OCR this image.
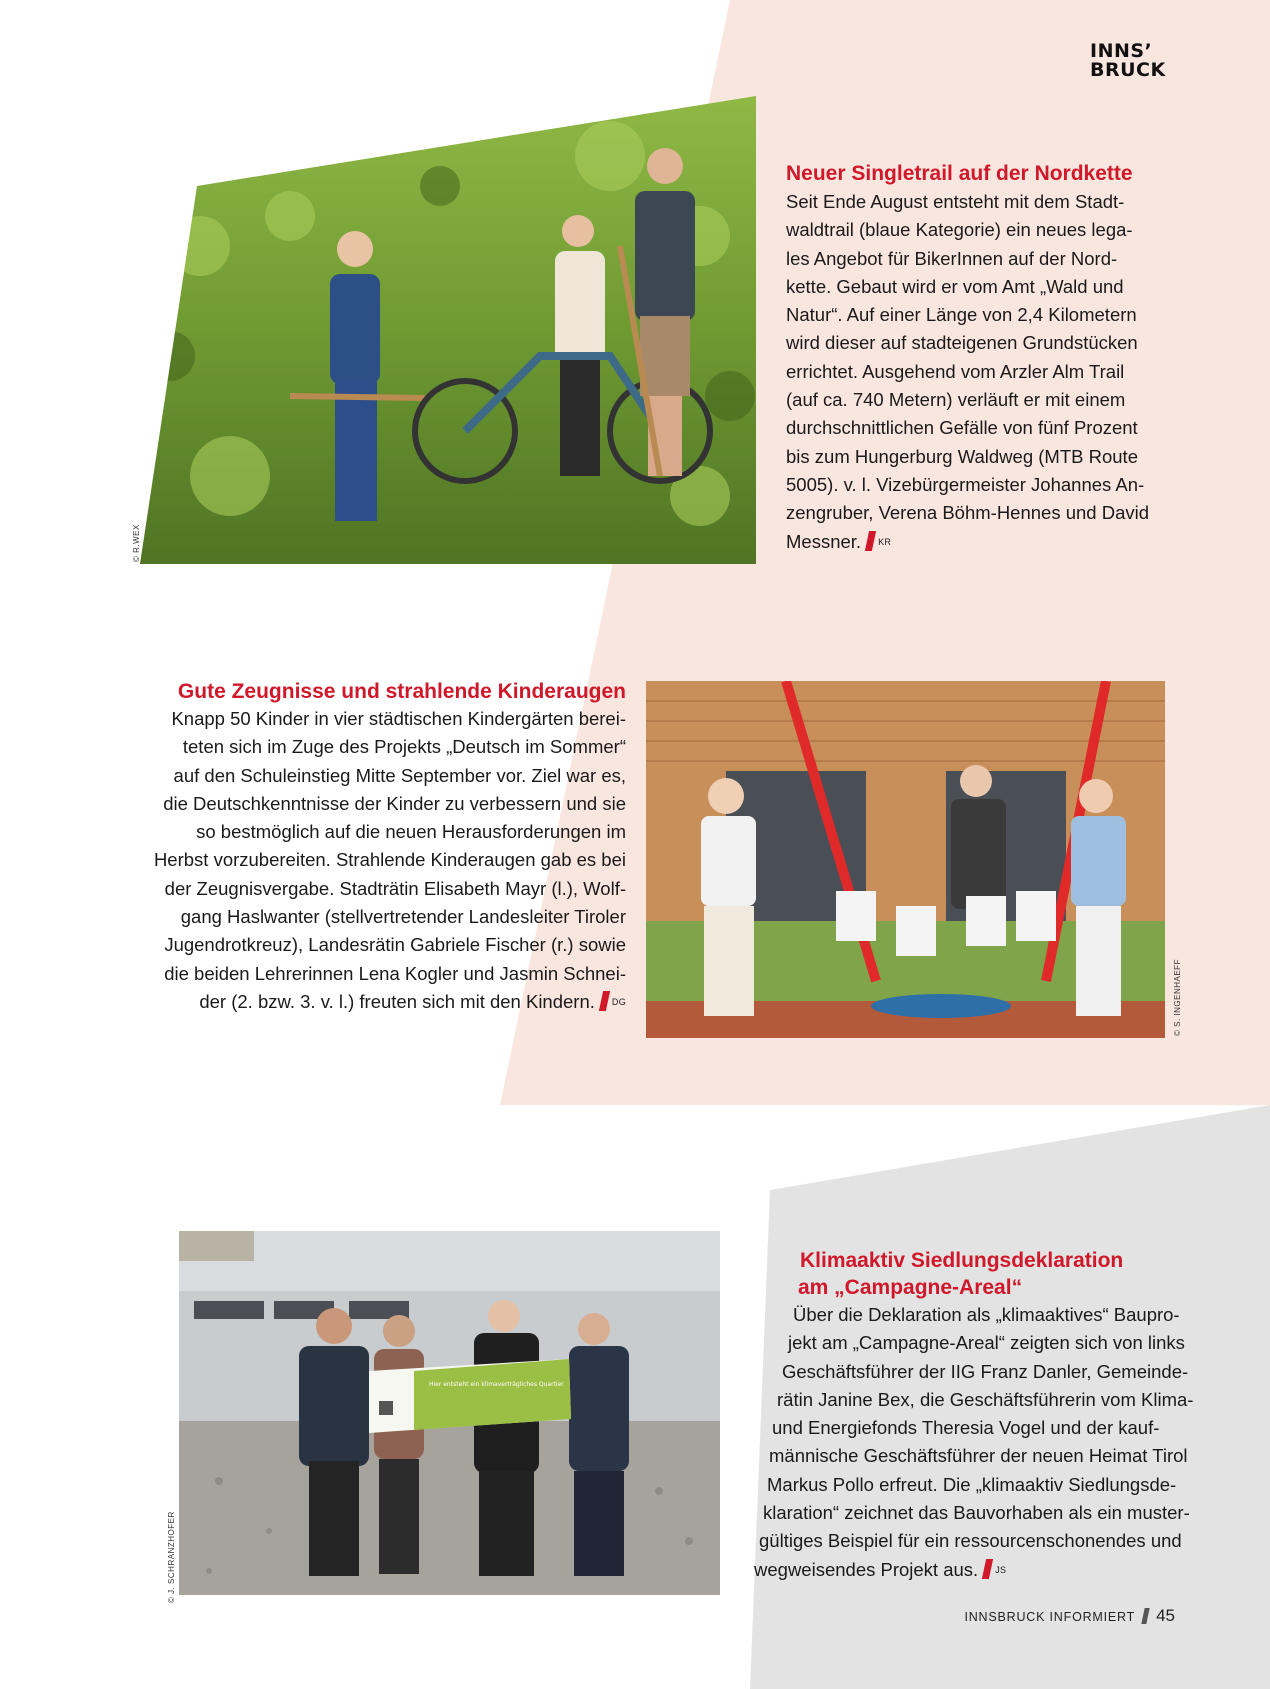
INNS’
BRUCK
© R.WEX
Neuer Singletrail auf der Nordkette

Seit Ende August entsteht mit dem Stadt-
waldtrail (blaue Kategorie) ein neues lega-
les Angebot für BikerInnen auf der Nord-
kette. Gebaut wird er vom Amt „Wald und
Natur“. Auf einer Länge von 2,4 Kilometern
wird dieser auf stadteigenen Grundstücken
errichtet. Ausgehend vom Arzler Alm Trail
(auf ca. 740 Metern) verläuft er mit einem
durchschnittlichen Gefälle von fünf Prozent
bis zum Hungerburg Waldweg (MTB Route
5005). v. l. Vizebürgermeister Johannes An-
zengruber, Verena Böhm-Hennes und David
Messner. $^{KR}$

Gute Zeugnisse und strahlende Kinderaugen

Knapp 50 Kinder in vier städtischen Kindergärten berei-
teten sich im Zuge des Projekts „Deutsch im Sommer“
auf den Schuleinstieg Mitte September vor. Ziel war es,
die Deutschkenntnisse der Kinder zu verbessern und sie
so bestmöglich auf die neuen Herausforderungen im
Herbst vorzubereiten. Strahlende Kinderaugen gab es bei
der Zeugnisvergabe. Stadträtin Elisabeth Mayr (l.), Wolf-
gang Haslwanter (stellvertretender Landesleiter Tiroler
Jugendrotkreuz), Landesrätin Gabriele Fischer (r.) sowie
die beiden Lehrerinnen Lena Kogler und Jasmin Schnei-
der (2. bzw. 3. v. l.) freuten sich mit den Kindern. $^{DG}$	© S. INGENHAEFF
Hier entsteht ein klimaverträgliches Quartier
© J. SCHRANZHOFER
Klimaaktiv Siedlungsdeklaration
am „Campagne-Areal“

Über die Deklaration als „klimaaktives“ Baupro-
jekt am „Campagne-Areal“ zeigten sich von links
Geschäftsführer der IIG Franz Danler, Gemeinde-
rätin Janine Bex, die Geschäftsführerin vom Klima-
und Energiefonds Theresia Vogel und der kauf-
männische Geschäftsführer der neuen Heimat Tirol
Markus Pollo erfreut. Die „klimaaktiv Siedlungsde-
klaration“ zeichnet das Bauvorhaben als ein muster-
gültiges Beispiel für ein ressourcenschonendes und
wegweisendes Projekt aus. $^{JS}$

INNSBRUCK INFORMIERT 45
